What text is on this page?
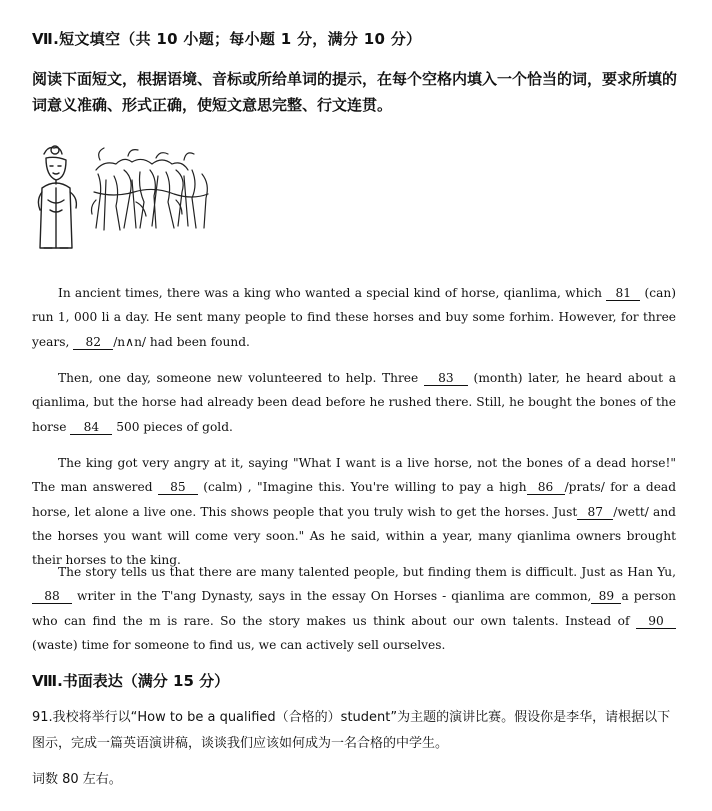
Ⅶ.短文填空（共 10 小题；每小题 1 分，满分 10 分）
阅读下面短文，根据语境、音标或所给单词的提示，在每个空格内填入一个恰当的词，要求所填的词意义准确、形式正确，使短文意思完整、行文连贯。
In ancient times, there was a king who wanted a special kind of horse, qianlima, which 81 (can) run 1, 000 li a day. He sent many people to find these horses and buy some forhim. However, for three years, 82 /n∧n/ had been found.
Then, one day, someone new volunteered to help. Three 83 (month) later, he heard about a qianlima, but the horse had already been dead before he rushed there. Still, he bought the bones of the horse 84 500 pieces of gold.
The king got very angry at it, saying "What I want is a live horse, not the bones of a dead horse!" The man answered 85 (calm) , "Imagine this. You're willing to pay a high 86 /prats/ for a dead horse, let alone a live one. This shows people that you truly wish to get the horses. Just 87 /wett/ and the horses you want will come very soon." As he said, within a year, many qianlima owners brought their horses to the king.
The story tells us that there are many talented people, but finding them is difficult. Just as Han Yu, 88 writer in the T'ang Dynasty, says in the essay On Horses - qianlima are common, 89 a person who can find the m is rare. So the story makes us think about our own talents. Instead of 90 (waste) time for someone to find us, we can actively sell ourselves.
Ⅷ.书面表达（满分 15 分）
91.我校将举行以“How to be a qualified（合格的）student”为主题的演讲比赛。假设你是李华，请根据以下图示，完成一篇英语演讲稿，谈谈我们应该如何成为一名合格的中学生。
词数 80 左右。
